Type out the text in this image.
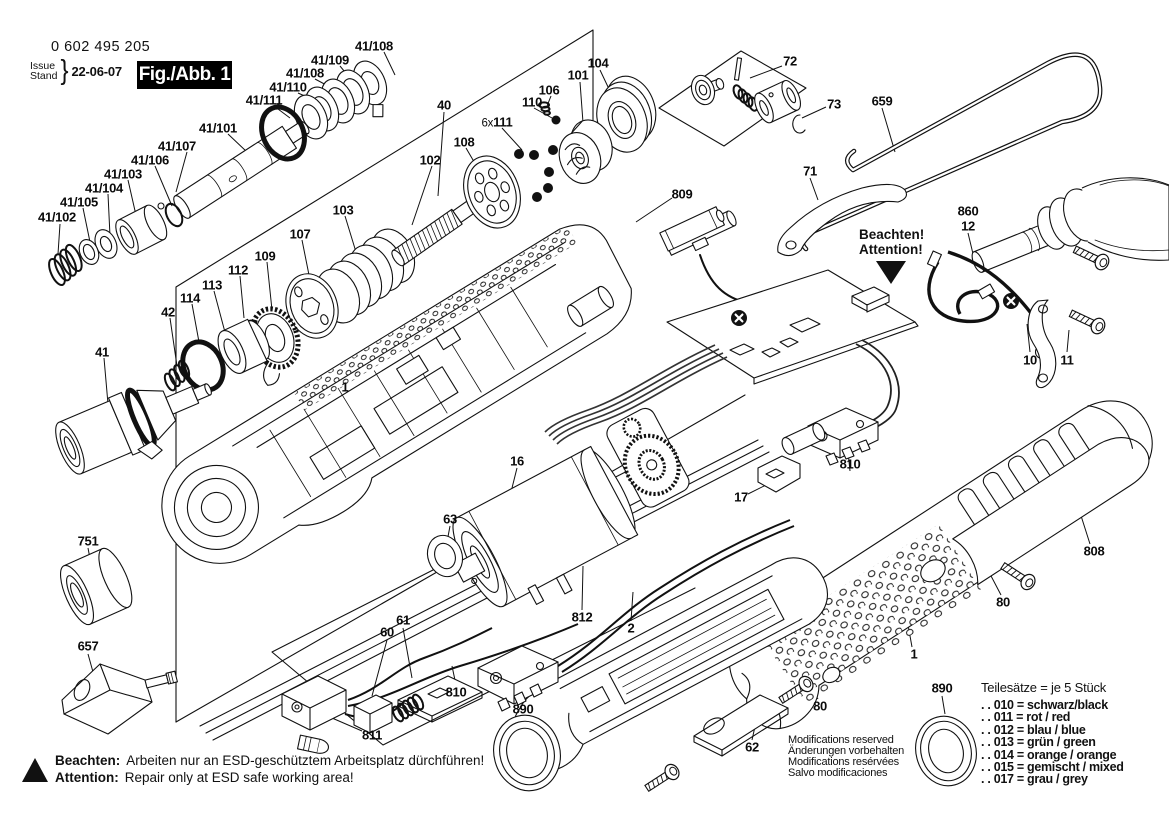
0 602 495 205
Issue
Stand } 22-06-07 Fig./Abb. 1
41/108
41/109
41/108
41/110
41/111
41/101
41/107
41/106
41/103
41/104
41/105
41/102
40
104
101
106
110
6x111
108
102
103
107
109
112
113
114
42
41
72
73 659
71
809
860
12
10 11
1
16
63
17
810
751
657
812
2
808
80
1
60
61
810
811
890
62
80
890
Beachten!
Attention!
Beachten: Arbeiten nur an ESD-geschütztem Arbeitsplatz dürchführen!
Attention: Repair only at ESD safe working area!
Teilesätze = je 5 Stück
. . 010 = schwarz/black
. . 011 = rot / red
. . 012 = blau / blue
. . 013 = grün / green
. . 014 = orange / orange
. . 015 = gemischt / mixed
. . 017 = grau / grey
Modifications reserved
Änderungen vorbehalten
Modifications resérvées
Salvo modificaciones
